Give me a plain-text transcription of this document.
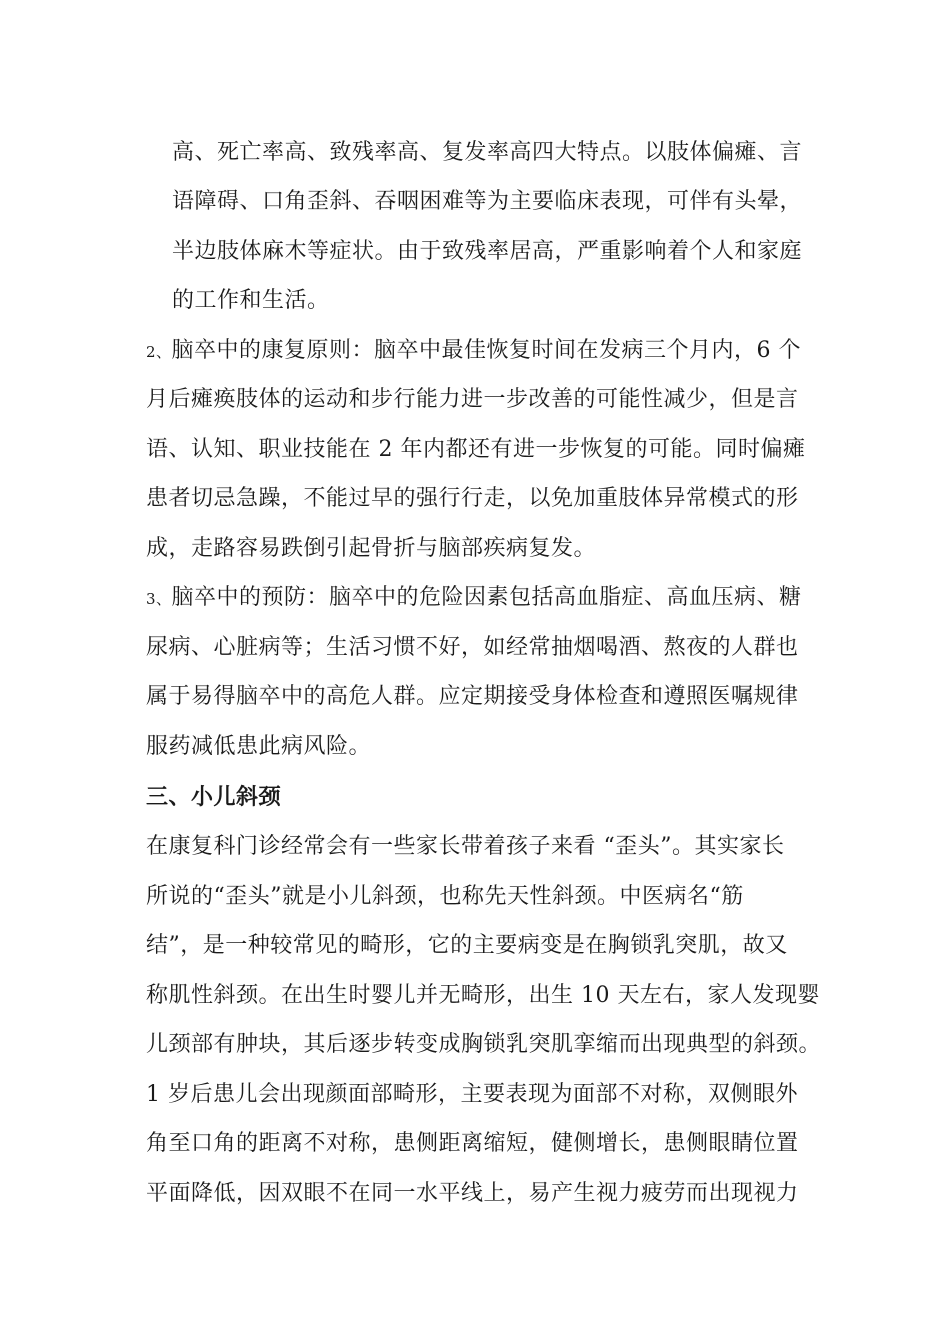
高、死亡率高、致残率高、复发率高四大特点。以肢体偏瘫、言
语障碍、口角歪斜、吞咽困难等为主要临床表现，可伴有头晕，
半边肢体麻木等症状。由于致残率居高，严重影响着个人和家庭
的工作和生活。
2、脑卒中的康复原则：脑卒中最佳恢复时间在发病三个月内，6 个
月后瘫痪肢体的运动和步行能力进一步改善的可能性减少，但是言
语、认知、职业技能在 2 年内都还有进一步恢复的可能。同时偏瘫
患者切忌急躁，不能过早的强行行走，以免加重肢体异常模式的形
成，走路容易跌倒引起骨折与脑部疾病复发。
3、脑卒中的预防：脑卒中的危险因素包括高血脂症、高血压病、糖
尿病、心脏病等；生活习惯不好，如经常抽烟喝酒、熬夜的人群也
属于易得脑卒中的高危人群。应定期接受身体检查和遵照医嘱规律
服药减低患此病风险。
三、小儿斜颈
在康复科门诊经常会有一些家长带着孩子来看 “歪头”。其实家长
所说的“歪头”就是小儿斜颈，也称先天性斜颈。中医病名“筋
结”，是一种较常见的畸形，它的主要病变是在胸锁乳突肌，故又
称肌性斜颈。在出生时婴儿并无畸形，出生 10 天左右，家人发现婴
儿颈部有肿块，其后逐步转变成胸锁乳突肌挛缩而出现典型的斜颈。
1 岁后患儿会出现颜面部畸形，主要表现为面部不对称，双侧眼外
角至口角的距离不对称，患侧距离缩短，健侧增长，患侧眼睛位置
平面降低，因双眼不在同一水平线上，易产生视力疲劳而出现视力
